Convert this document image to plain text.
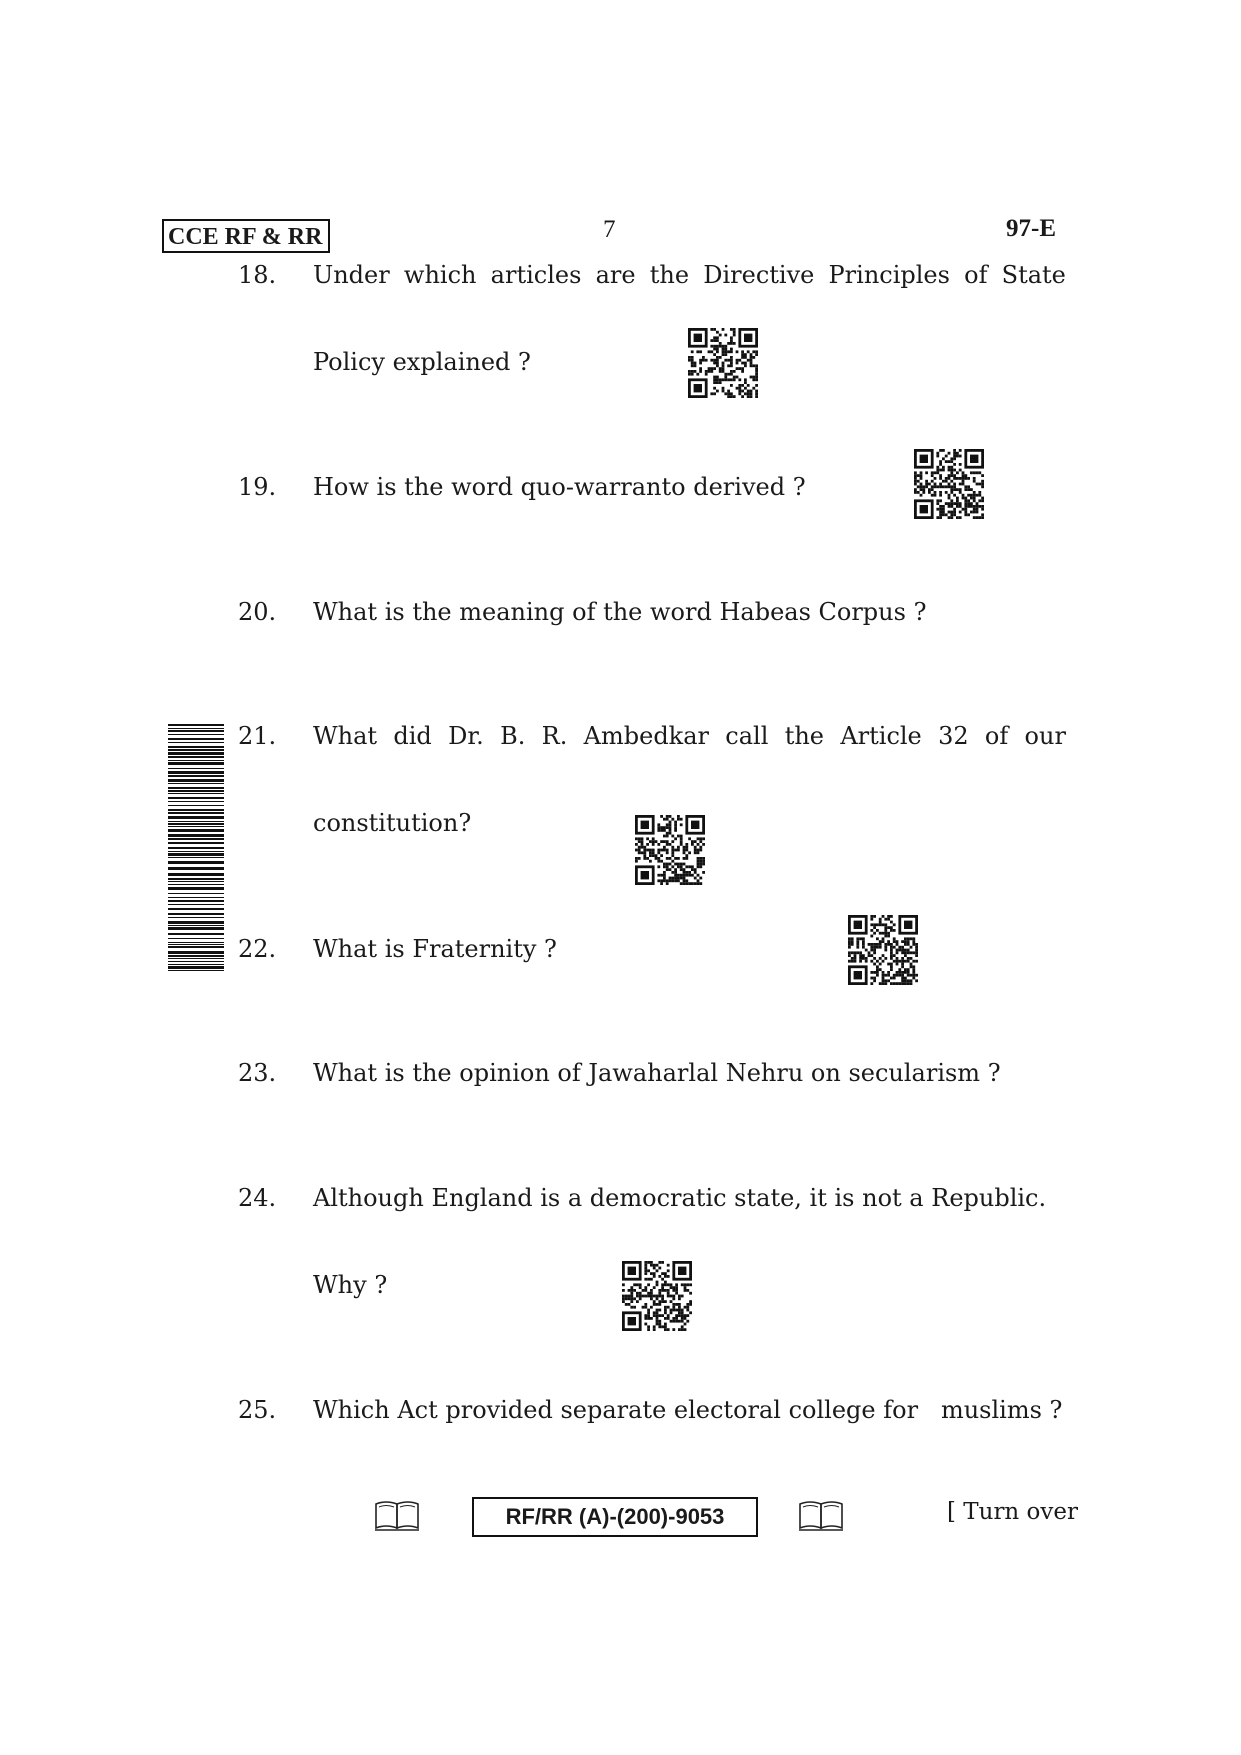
CCE RF & RR	7	97-E
18.	Under which articles are the Directive Principles of State
Policy explained ?
19.	How is the word quo-warranto derived ?
20.	What is the meaning of the word Habeas Corpus ?
21.	What did Dr. B. R. Ambedkar call the Article 32 of our
constitution?
22.	What is Fraternity ?
23.	What is the opinion of Jawaharlal Nehru on secularism ?
24.	Although England is a democratic state, it is not a Republic.
Why ?
25.	Which Act provided separate electoral college for   muslims ?
RF/RR (A)-(200)-9053	[ Turn over
